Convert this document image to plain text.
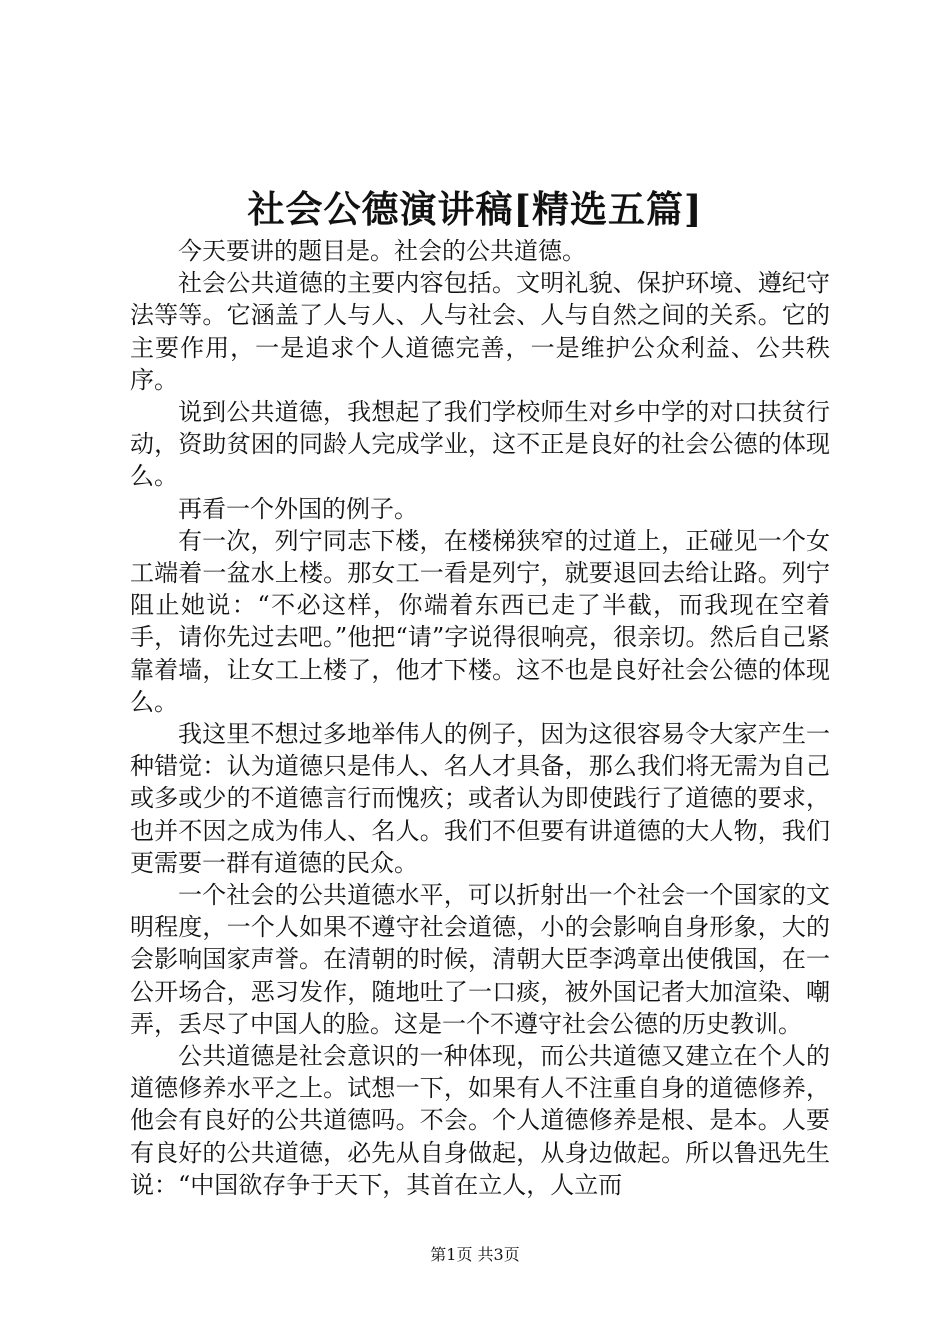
社会公德演讲稿[精选五篇]

今天要讲的题目是。社会的公共道德。

社会公共道德的主要内容包括。文明礼貌、保护环境、遵纪守法等等。它涵盖了人与人、人与社会、人与自然之间的关系。它的主要作用，一是追求个人道德完善，一是维护公众利益、公共秩序。

说到公共道德，我想起了我们学校师生对乡中学的对口扶贫行动，资助贫困的同龄人完成学业，这不正是良好的社会公德的体现么。

再看一个外国的例子。

有一次，列宁同志下楼，在楼梯狭窄的过道上，正碰见一个女工端着一盆水上楼。那女工一看是列宁，就要退回去给让路。列宁阻止她说：“不必这样，你端着东西已走了半截，而我现在空着手，请你先过去吧。”他把“请”字说得很响亮，很亲切。然后自己紧靠着墙，让女工上楼了，他才下楼。这不也是良好社会公德的体现么。

我这里不想过多地举伟人的例子，因为这很容易令大家产生一种错觉：认为道德只是伟人、名人才具备，那么我们将无需为自己或多或少的不道德言行而愧疚；或者认为即使践行了道德的要求，也并不因之成为伟人、名人。我们不但要有讲道德的大人物，我们更需要一群有道德的民众。

一个社会的公共道德水平，可以折射出一个社会一个国家的文明程度，一个人如果不遵守社会道德，小的会影响自身形象，大的会影响国家声誉。在清朝的时候，清朝大臣李鸿章出使俄国，在一公开场合，恶习发作，随地吐了一口痰，被外国记者大加渲染、嘲弄，丢尽了中国人的脸。这是一个不遵守社会公德的历史教训。

公共道德是社会意识的一种体现，而公共道德又建立在个人的道德修养水平之上。试想一下，如果有人不注重自身的道德修养，他会有良好的公共道德吗。不会。个人道德修养是根、是本。人要有良好的公共道德，必先从自身做起，从身边做起。所以鲁迅先生说：“中国欲存争于天下，其首在立人，人立而

第1页 共3页
